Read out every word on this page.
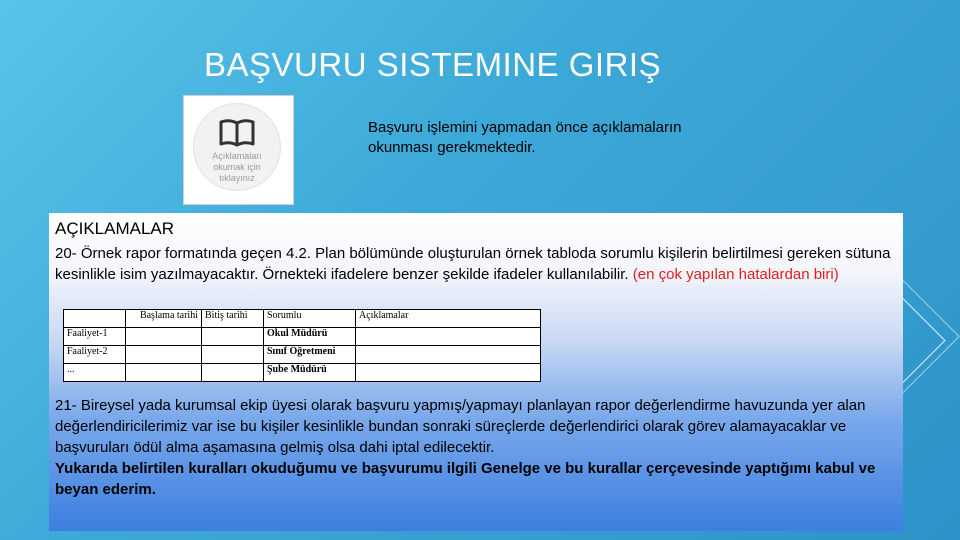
BAŞVURU SISTEMINE GIRIŞ
Açıklamaları
okumak için
tıklayınız
Başvuru işlemini yapmadan önce açıklamaların
okunması gerekmektedir.
AÇIKLAMALAR
20- Örnek rapor formatında geçen 4.2. Plan bölümünde oluşturulan örnek tabloda sorumlu kişilerin belirtilmesi gereken sütuna kesinlikle isim yazılmayacaktır. Örnekteki ifadelere benzer şekilde ifadeler kullanılabilir. (en çok yapılan hatalardan biri)
	Başlama tarihi	Bitiş tarihi	Sorumlu	Açıklamalar
Faaliyet-1			Okul Müdürü	
Faaliyet-2			Sınıf Öğretmeni	
...			Şube Müdürü	
21- Bireysel yada kurumsal ekip üyesi olarak başvuru yapmış/yapmayı planlayan rapor değerlendirme havuzunda yer alan değerlendiricilerimiz var ise bu kişiler kesinlikle bundan sonraki süreçlerde değerlendirici olarak görev alamayacaklar ve başvuruları ödül alma aşamasına gelmiş olsa dahi iptal edilecektir.
Yukarıda belirtilen kuralları okuduğumu ve başvurumu ilgili Genelge ve bu kurallar çerçevesinde yaptığımı kabul ve beyan ederim.
